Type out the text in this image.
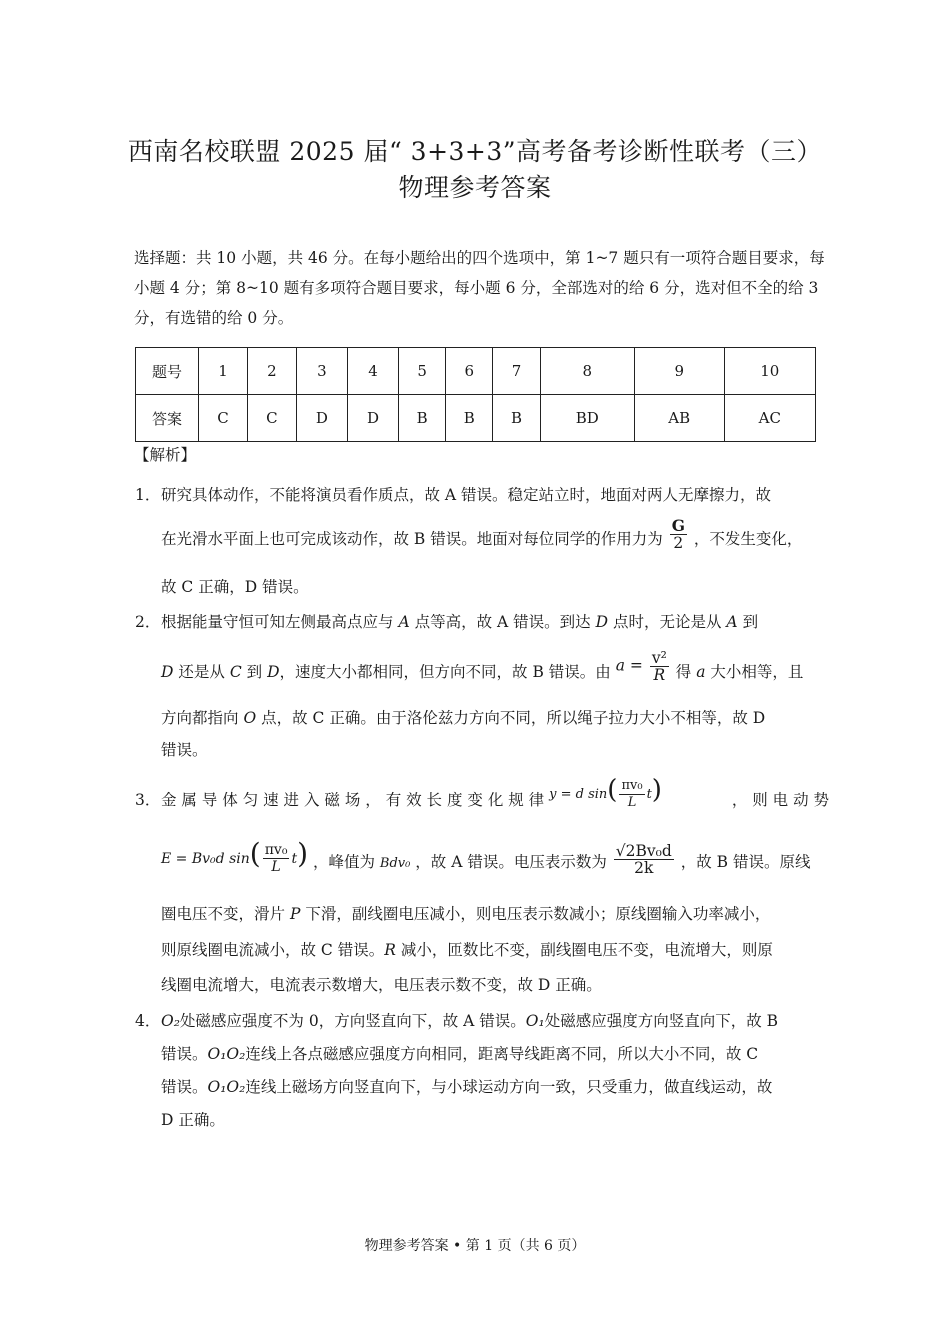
西南名校联盟 2025 届“ 3+3+3”高考备考诊断性联考（三）
物理参考答案
选择题：共 10 小题，共 46 分。在每小题给出的四个选项中，第 1~7 题只有一项符合题目要求，每小题 4 分；第 8~10 题有多项符合题目要求，每小题 6 分，全部选对的给 6 分，选对但不全的给 3 分，有选错的给 0 分。
题号	1	2	3	4	5	6	7	8	9	10
答案	C	C	D	D	B	B	B	BD	AB	AC
【解析】
1． 研究具体动作，不能将演员看作质点，故 A 错误。稳定站立时，地面对两人无摩擦力，故
在光滑水平面上也可完成该动作，故 B 错误。地面对每位同学的作用力为 $\frac{G}{2}$ ，不发生变化，
故 C 正确，D 错误。
2． 根据能量守恒可知左侧最高点应与 A 点等高，故 A 错误。到达 D 点时，无论是从 A 到
D 还是从 C 到 D，速度大小都相同，但方向不同，故 B 错误。由 $a = \frac{\text{v²}}{R}$ 得 a 大小相等，且
方向都指向 O 点，故 C 正确。由于洛伦兹力方向不同，所以绳子拉力大小不相等，故 D
错误。
3． 金 属 导 体 匀 速 进 入 磁 场 ， 有 效 长 度 变 化 规 律 y = d $\sin( \frac{\text{πv₀}}{L} t)$	， 则 电 动 势
E = Bv₀d $\sin( \frac{\text{πv₀}}{L} t)$ ，峰值为 Bdv₀ ，故 A 错误。电压表示数为 $\frac{\text{√2Bv₀d}}{2k}$ ，故 B 错误。原线
圈电压不变，滑片 P 下滑，副线圈电压减小，则电压表示数减小；原线圈输入功率减小，
则原线圈电流减小，故 C 错误。R 减小，匝数比不变，副线圈电压不变，电流增大，则原
线圈电流增大，电流表示数增大，电压表示数不变，故 D 正确。
4． O₂处磁感应强度不为 0，方向竖直向下，故 A 错误。O₁处磁感应强度方向竖直向下，故 B
错误。O₁O₂连线上各点磁感应强度方向相同，距离导线距离不同，所以大小不同，故 C
错误。O₁O₂连线上磁场方向竖直向下，与小球运动方向一致，只受重力，做直线运动，故
D 正确。
物理参考答案 • 第 1 页（共 6 页）
